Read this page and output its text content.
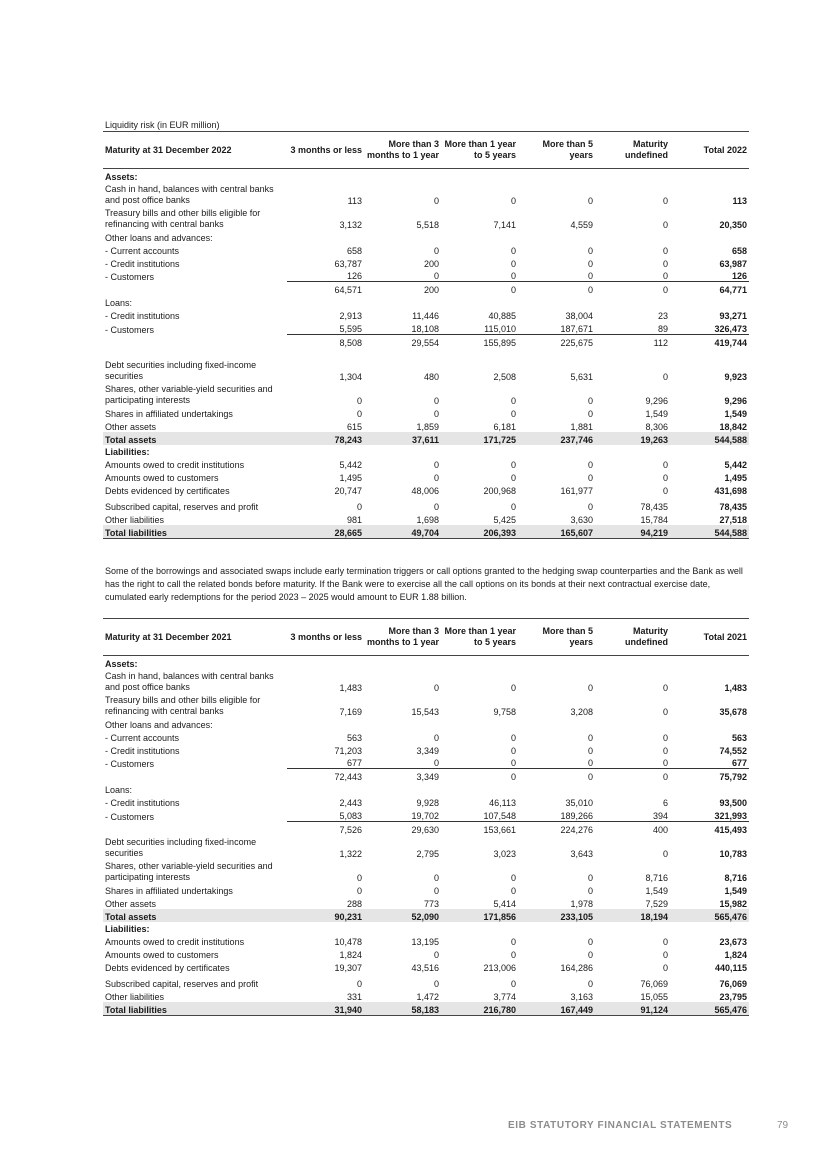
Liquidity risk (in EUR million)
Maturity at 31 December 2022	3 months or less	More than 3 months to 1 year	More than 1 year to 5 years	More than 5 years	Maturity undefined	Total 2022
Assets:						
Cash in hand, balances with central banks and post office banks	113	0	0	0	0	113
Treasury bills and other bills eligible for refinancing with central banks	3,132	5,518	7,141	4,559	0	20,350
Other loans and advances:						
- Current accounts	658	0	0	0	0	658
- Credit institutions	63,787	200	0	0	0	63,987
- Customers	126	0	0	0	0	126
	64,571	200	0	0	0	64,771
Loans:						
- Credit institutions	2,913	11,446	40,885	38,004	23	93,271
- Customers	5,595	18,108	115,010	187,671	89	326,473
	8,508	29,554	155,895	225,675	112	419,744
Debt securities including fixed-income securities	1,304	480	2,508	5,631	0	9,923
Shares, other variable-yield securities and participating interests	0	0	0	0	9,296	9,296
Shares in affiliated undertakings	0	0	0	0	1,549	1,549
Other assets	615	1,859	6,181	1,881	8,306	18,842
Total assets	78,243	37,611	171,725	237,746	19,263	544,588
Liabilities:						
Amounts owed to credit institutions	5,442	0	0	0	0	5,442
Amounts owed to customers	1,495	0	0	0	0	1,495
Debts evidenced by certificates	20,747	48,006	200,968	161,977	0	431,698
Subscribed capital, reserves and profit	0	0	0	0	78,435	78,435
Other liabilities	981	1,698	5,425	3,630	15,784	27,518
Total liabilities	28,665	49,704	206,393	165,607	94,219	544,588
Some of the borrowings and associated swaps include early termination triggers or call options granted to the hedging swap counterparties and the Bank as well has the right to call the related bonds before maturity. If the Bank were to exercise all the call options on its bonds at their next contractual exercise date, cumulated early redemptions for the period 2023 – 2025 would amount to EUR 1.88 billion.
Maturity at 31 December 2021	3 months or less	More than 3 months to 1 year	More than 1 year to 5 years	More than 5 years	Maturity undefined	Total 2021
Assets:						
Cash in hand, balances with central banks and post office banks	1,483	0	0	0	0	1,483
Treasury bills and other bills eligible for refinancing with central banks	7,169	15,543	9,758	3,208	0	35,678
Other loans and advances:						
- Current accounts	563	0	0	0	0	563
- Credit institutions	71,203	3,349	0	0	0	74,552
- Customers	677	0	0	0	0	677
	72,443	3,349	0	0	0	75,792
Loans:						
- Credit institutions	2,443	9,928	46,113	35,010	6	93,500
- Customers	5,083	19,702	107,548	189,266	394	321,993
	7,526	29,630	153,661	224,276	400	415,493
Debt securities including fixed-income securities	1,322	2,795	3,023	3,643	0	10,783
Shares, other variable-yield securities and participating interests	0	0	0	0	8,716	8,716
Shares in affiliated undertakings	0	0	0	0	1,549	1,549
Other assets	288	773	5,414	1,978	7,529	15,982
Total assets	90,231	52,090	171,856	233,105	18,194	565,476
Liabilities:						
Amounts owed to credit institutions	10,478	13,195	0	0	0	23,673
Amounts owed to customers	1,824	0	0	0	0	1,824
Debts evidenced by certificates	19,307	43,516	213,006	164,286	0	440,115
Subscribed capital, reserves and profit	0	0	0	0	76,069	76,069
Other liabilities	331	1,472	3,774	3,163	15,055	23,795
Total liabilities	31,940	58,183	216,780	167,449	91,124	565,476
EIB STATUTORY FINANCIAL STATEMENTS	79
